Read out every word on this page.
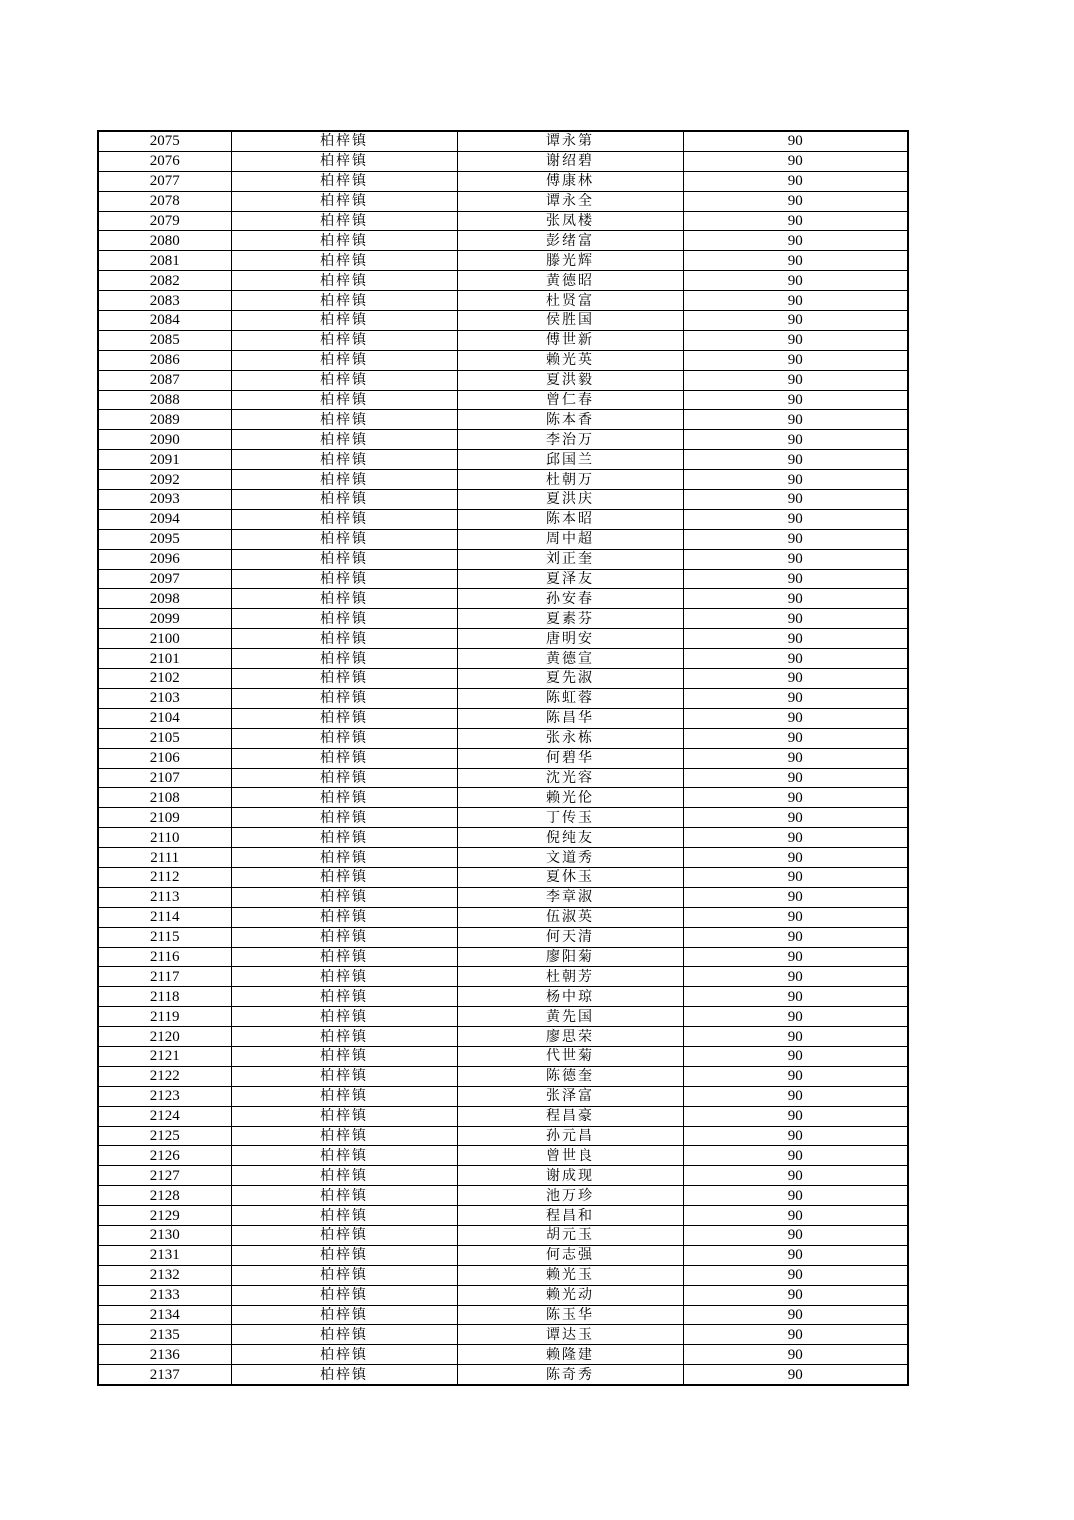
2075	柏梓镇	谭永第	90
2076	柏梓镇	谢绍碧	90
2077	柏梓镇	傅康林	90
2078	柏梓镇	谭永全	90
2079	柏梓镇	张凤楼	90
2080	柏梓镇	彭绪富	90
2081	柏梓镇	滕光辉	90
2082	柏梓镇	黄德昭	90
2083	柏梓镇	杜贤富	90
2084	柏梓镇	侯胜国	90
2085	柏梓镇	傅世新	90
2086	柏梓镇	赖光英	90
2087	柏梓镇	夏洪毅	90
2088	柏梓镇	曾仁春	90
2089	柏梓镇	陈本香	90
2090	柏梓镇	李治万	90
2091	柏梓镇	邱国兰	90
2092	柏梓镇	杜朝万	90
2093	柏梓镇	夏洪庆	90
2094	柏梓镇	陈本昭	90
2095	柏梓镇	周中超	90
2096	柏梓镇	刘正奎	90
2097	柏梓镇	夏泽友	90
2098	柏梓镇	孙安春	90
2099	柏梓镇	夏素芬	90
2100	柏梓镇	唐明安	90
2101	柏梓镇	黄德宣	90
2102	柏梓镇	夏先淑	90
2103	柏梓镇	陈虹蓉	90
2104	柏梓镇	陈昌华	90
2105	柏梓镇	张永栋	90
2106	柏梓镇	何碧华	90
2107	柏梓镇	沈光容	90
2108	柏梓镇	赖光伦	90
2109	柏梓镇	丁传玉	90
2110	柏梓镇	倪纯友	90
2111	柏梓镇	文道秀	90
2112	柏梓镇	夏休玉	90
2113	柏梓镇	李章淑	90
2114	柏梓镇	伍淑英	90
2115	柏梓镇	何天清	90
2116	柏梓镇	廖阳菊	90
2117	柏梓镇	杜朝芳	90
2118	柏梓镇	杨中琼	90
2119	柏梓镇	黄先国	90
2120	柏梓镇	廖思荣	90
2121	柏梓镇	代世菊	90
2122	柏梓镇	陈德奎	90
2123	柏梓镇	张泽富	90
2124	柏梓镇	程昌豪	90
2125	柏梓镇	孙元昌	90
2126	柏梓镇	曾世良	90
2127	柏梓镇	谢成现	90
2128	柏梓镇	池万珍	90
2129	柏梓镇	程昌和	90
2130	柏梓镇	胡元玉	90
2131	柏梓镇	何志强	90
2132	柏梓镇	赖光玉	90
2133	柏梓镇	赖光动	90
2134	柏梓镇	陈玉华	90
2135	柏梓镇	谭达玉	90
2136	柏梓镇	赖隆建	90
2137	柏梓镇	陈奇秀	90
